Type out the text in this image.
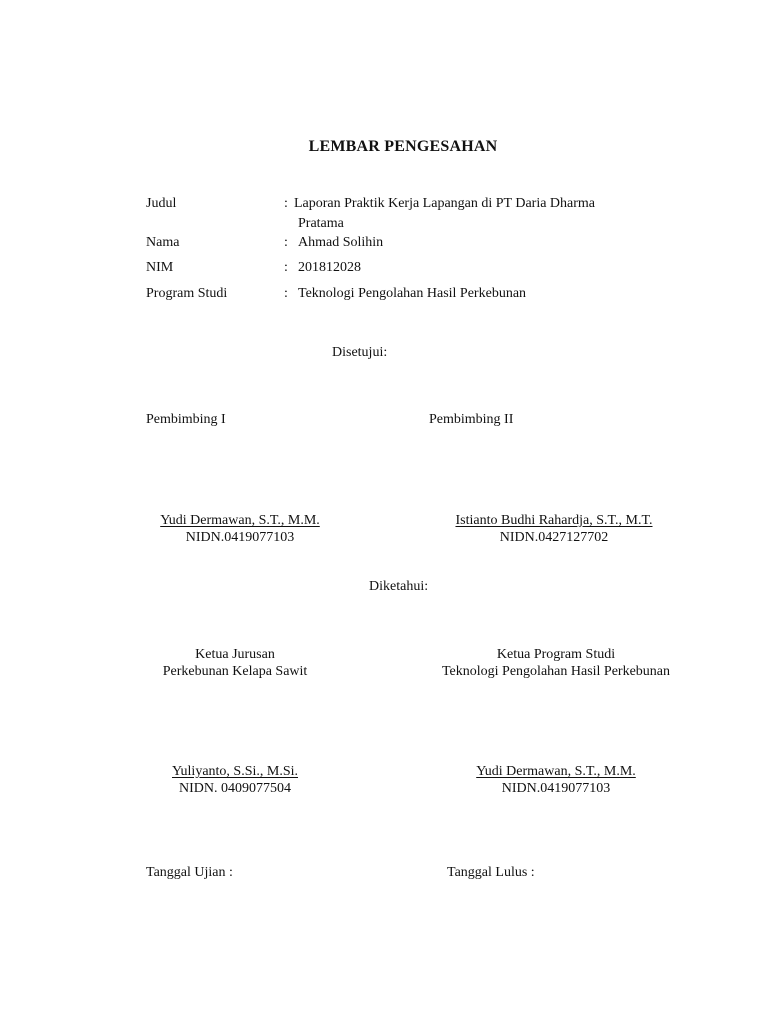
LEMBAR PENGESAHAN
Judul	: Laporan Praktik Kerja Lapangan di PT Daria Dharma
Pratama
Nama	: Ahmad Solihin
NIM	: 201812028
Program Studi	: Teknologi Pengolahan Hasil Perkebunan
Disetujui:
Pembimbing I	Pembimbing II
Yudi Dermawan, S.T., M.M.
NIDN.0419077103
Istianto Budhi Rahardja, S.T., M.T.
NIDN.0427127702
Diketahui:
Ketua Jurusan
Perkebunan Kelapa Sawit
Ketua Program Studi
Teknologi Pengolahan Hasil Perkebunan
Yuliyanto, S.Si., M.Si.
NIDN. 0409077504
Yudi Dermawan, S.T., M.M.
NIDN.0419077103
Tanggal Ujian :	Tanggal Lulus :
